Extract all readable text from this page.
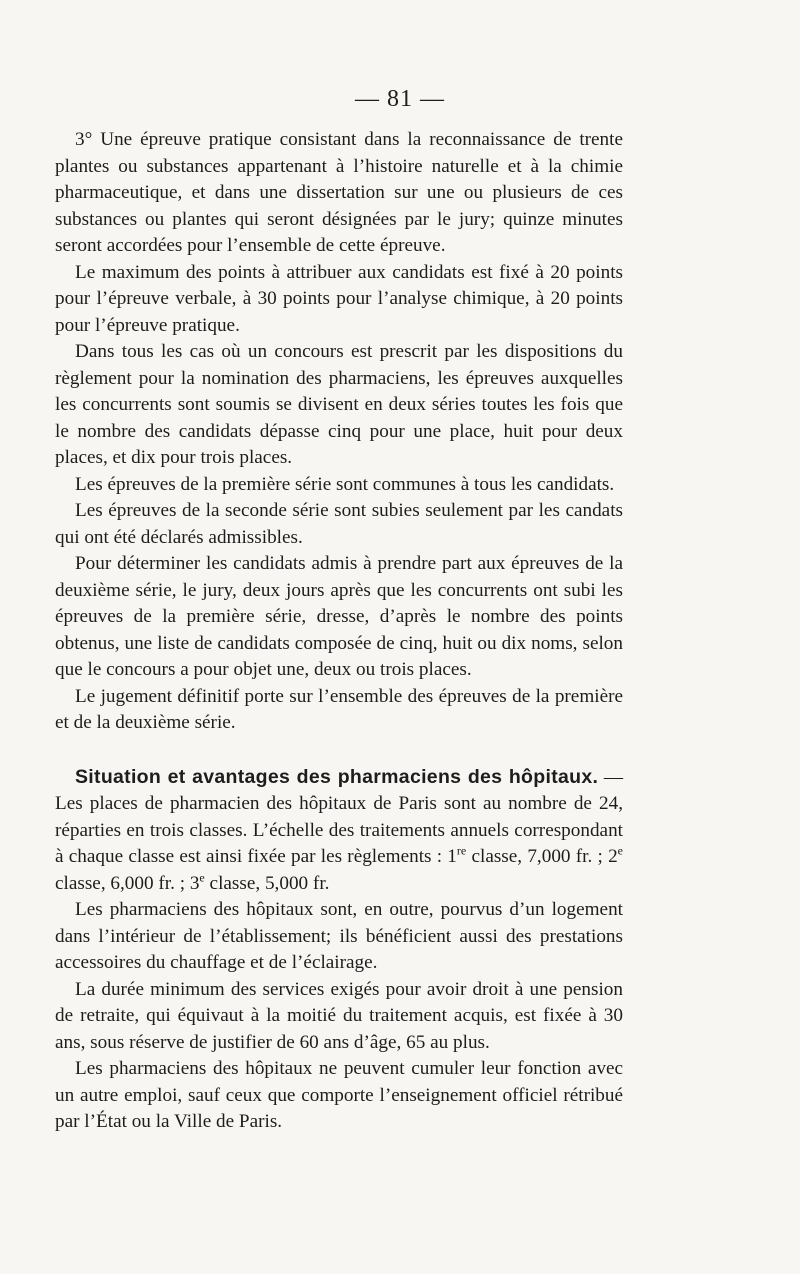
— 81 —

3° Une épreuve pratique consistant dans la reconnaissance de trente plantes ou substances appartenant à l’histoire naturelle et à la chimie pharmaceutique, et dans une dissertation sur une ou plusieurs de ces substances ou plantes qui seront désignées par le jury; quinze minutes seront accordées pour l’ensemble de cette épreuve.

Le maximum des points à attribuer aux candidats est fixé à 20 points pour l’épreuve verbale, à 30 points pour l’analyse chimique, à 20 points pour l’épreuve pratique.

Dans tous les cas où un concours est prescrit par les dispositions du règlement pour la nomination des pharmaciens, les épreuves auxquelles les concurrents sont soumis se divisent en deux séries toutes les fois que le nombre des candidats dépasse cinq pour une place, huit pour deux places, et dix pour trois places.

Les épreuves de la première série sont communes à tous les candidats.

Les épreuves de la seconde série sont subies seulement par les candats qui ont été déclarés admissibles.

Pour déterminer les candidats admis à prendre part aux épreuves de la deuxième série, le jury, deux jours après que les concurrents ont subi les épreuves de la première série, dresse, d’après le nombre des points obtenus, une liste de candidats composée de cinq, huit ou dix noms, selon que le concours a pour objet une, deux ou trois places.

Le jugement définitif porte sur l’ensemble des épreuves de la première et de la deuxième série.

Situation et avantages des pharmaciens des hôpitaux. — Les places de pharmacien des hôpitaux de Paris sont au nombre de 24, réparties en trois classes. L’échelle des traitements annuels correspondant à chaque classe est ainsi fixée par les règlements : 1re classe, 7,000 fr. ; 2e classe, 6,000 fr. ; 3e classe, 5,000 fr.

Les pharmaciens des hôpitaux sont, en outre, pourvus d’un logement dans l’intérieur de l’établissement; ils bénéficient aussi des prestations accessoires du chauffage et de l’éclairage.

La durée minimum des services exigés pour avoir droit à une pension de retraite, qui équivaut à la moitié du traitement acquis, est fixée à 30 ans, sous réserve de justifier de 60 ans d’âge, 65 au plus.

Les pharmaciens des hôpitaux ne peuvent cumuler leur fonction avec un autre emploi, sauf ceux que comporte l’enseignement officiel rétribué par l’État ou la Ville de Paris.
